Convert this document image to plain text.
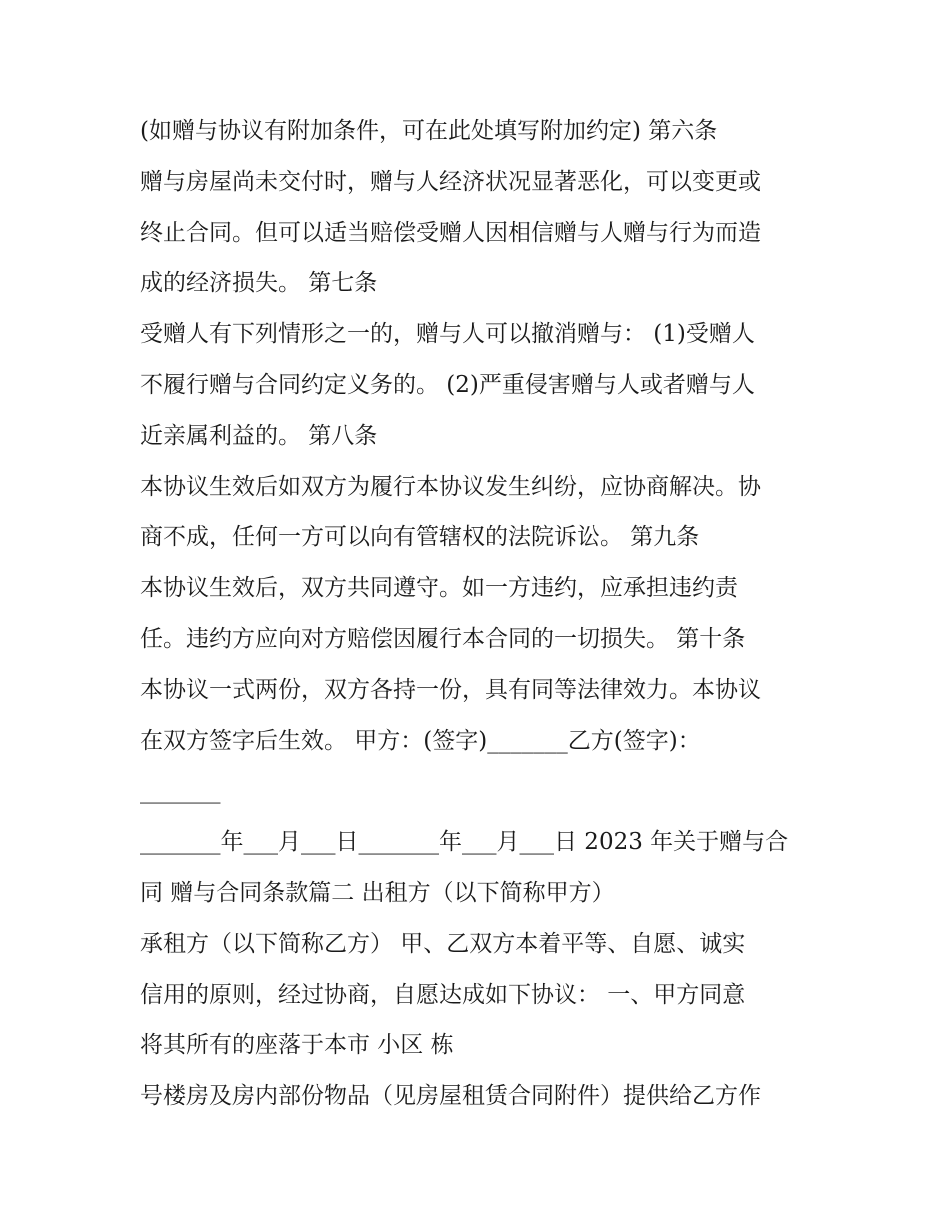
(如赠与协议有附加条件，可在此处填写附加约定) 第六条
赠与房屋尚未交付时，赠与人经济状况显著恶化，可以变更或
终止合同。但可以适当赔偿受赠人因相信赠与人赠与行为而造
成的经济损失。 第七条
受赠人有下列情形之一的，赠与人可以撤消赠与： (1)受赠人
不履行赠与合同约定义务的。 (2)严重侵害赠与人或者赠与人
近亲属利益的。 第八条
本协议生效后如双方为履行本协议发生纠纷，应协商解决。协
商不成，任何一方可以向有管辖权的法院诉讼。 第九条
本协议生效后，双方共同遵守。如一方违约，应承担违约责
任。违约方应向对方赔偿因履行本合同的一切损失。 第十条
本协议一式两份，双方各持一份，具有同等法律效力。本协议
在双方签字后生效。 甲方：(签字)_______乙方(签字)：
_______
_______年___月___日_______年___月___日 2023 年关于赠与合
同 赠与合同条款篇二 出租方（以下简称甲方）
承租方（以下简称乙方） 甲、乙双方本着平等、自愿、诚实
信用的原则，经过协商，自愿达成如下协议： 一、甲方同意
将其所有的座落于本市 小区 栋
号楼房及房内部份物品（见房屋租赁合同附件）提供给乙方作
